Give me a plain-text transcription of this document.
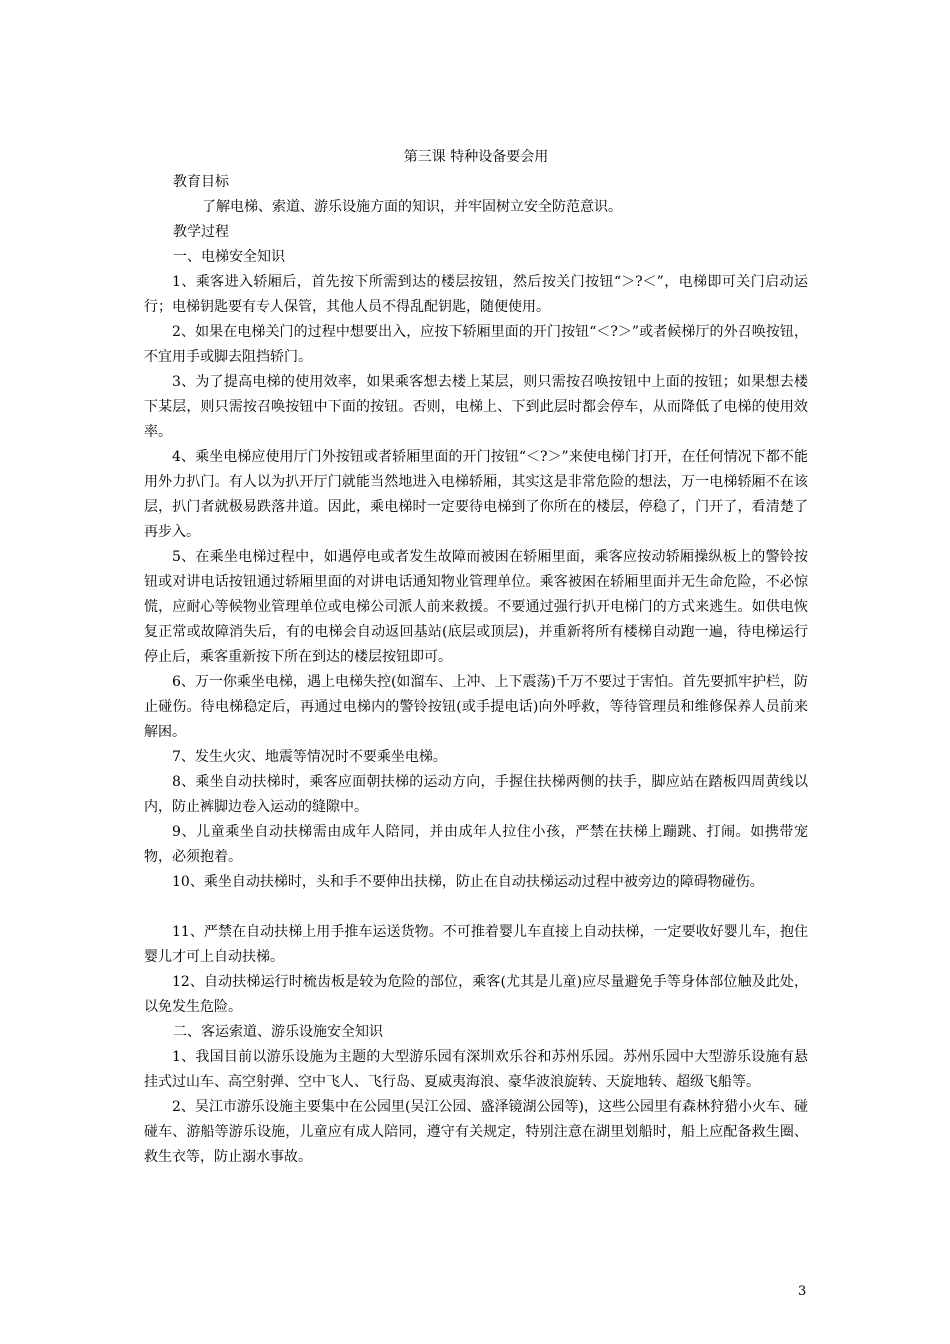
第三课 特种设备要会用

教育目标

了解电梯、索道、游乐设施方面的知识，并牢固树立安全防范意识。

教学过程

一、电梯安全知识

1、乘客进入轿厢后，首先按下所需到达的楼层按钮，然后按关门按钮“＞?＜”，电梯即可关门启动运行；电梯钥匙要有专人保管，其他人员不得乱配钥匙，随便使用。

2、如果在电梯关门的过程中想要出入，应按下轿厢里面的开门按钮“＜?＞”或者候梯厅的外召唤按钮，不宜用手或脚去阻挡轿门。

3、为了提高电梯的使用效率，如果乘客想去楼上某层，则只需按召唤按钮中上面的按钮；如果想去楼下某层，则只需按召唤按钮中下面的按钮。否则，电梯上、下到此层时都会停车，从而降低了电梯的使用效率。

4、乘坐电梯应使用厅门外按钮或者轿厢里面的开门按钮“＜?＞”来使电梯门打开，在任何情况下都不能用外力扒门。有人以为扒开厅门就能当然地进入电梯轿厢，其实这是非常危险的想法，万一电梯轿厢不在该层，扒门者就极易跌落井道。因此，乘电梯时一定要待电梯到了你所在的楼层，停稳了，门开了，看清楚了再步入。

5、在乘坐电梯过程中，如遇停电或者发生故障而被困在轿厢里面，乘客应按动轿厢操纵板上的警铃按钮或对讲电话按钮通过轿厢里面的对讲电话通知物业管理单位。乘客被困在轿厢里面并无生命危险，不必惊慌，应耐心等候物业管理单位或电梯公司派人前来救援。不要通过强行扒开电梯门的方式来逃生。如供电恢复正常或故障消失后，有的电梯会自动返回基站(底层或顶层)，并重新将所有楼梯自动跑一遍，待电梯运行停止后，乘客重新按下所在到达的楼层按钮即可。

6、万一你乘坐电梯，遇上电梯失控(如溜车、上冲、上下震荡)千万不要过于害怕。首先要抓牢护栏，防止碰伤。待电梯稳定后，再通过电梯内的警铃按钮(或手提电话)向外呼救，等待管理员和维修保养人员前来解困。

7、发生火灾、地震等情况时不要乘坐电梯。

8、乘坐自动扶梯时，乘客应面朝扶梯的运动方向，手握住扶梯两侧的扶手，脚应站在踏板四周黄线以内，防止裤脚边卷入运动的缝隙中。

9、儿童乘坐自动扶梯需由成年人陪同，并由成年人拉住小孩，严禁在扶梯上蹦跳、打闹。如携带宠物，必须抱着。

10、乘坐自动扶梯时，头和手不要伸出扶梯，防止在自动扶梯运动过程中被旁边的障碍物碰伤。

11、严禁在自动扶梯上用手推车运送货物。不可推着婴儿车直接上自动扶梯，一定要收好婴儿车，抱住婴儿才可上自动扶梯。

12、自动扶梯运行时梳齿板是较为危险的部位，乘客(尤其是儿童)应尽量避免手等身体部位触及此处，以免发生危险。

二、客运索道、游乐设施安全知识

1、我国目前以游乐设施为主题的大型游乐园有深圳欢乐谷和苏州乐园。苏州乐园中大型游乐设施有悬挂式过山车、高空射弹、空中飞人、飞行岛、夏威夷海浪、豪华波浪旋转、天旋地转、超级飞船等。

2、吴江市游乐设施主要集中在公园里(吴江公园、盛泽镜湖公园等)，这些公园里有森林狩猎小火车、碰碰车、游船等游乐设施，儿童应有成人陪同，遵守有关规定，特别注意在湖里划船时，船上应配备救生圈、救生衣等，防止溺水事故。

3
